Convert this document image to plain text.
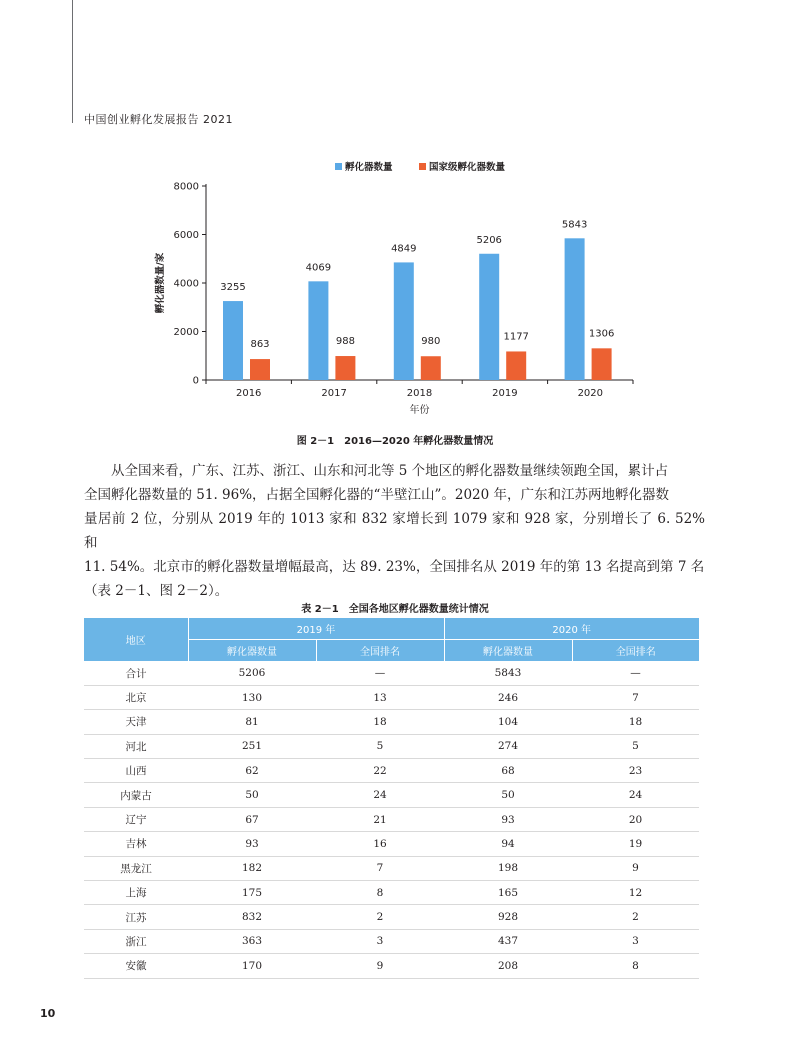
中国创业孵化发展报告 2021
0
2000
4000
6000
8000
2016
3255
863
2017
4069
988
2018
4849
980
2019
5206
1177
2020
5843
1306
年份
孵化器数量/家
孵化器数量	国家级孵化器数量
图 2－1　2016—2020 年孵化器数量情况
从全国来看，广东、江苏、浙江、山东和河北等 5 个地区的孵化器数量继续领跑全国，累计占
全国孵化器数量的 51. 96%，占据全国孵化器的“半壁江山”。2020 年，广东和江苏两地孵化器数
量居前 2 位，分别从 2019 年的 1013 家和 832 家增长到 1079 家和 928 家，分别增长了 6. 52% 和
11. 54%。北京市的孵化器数量增幅最高，达 89. 23%，全国排名从 2019 年的第 13 名提高到第 7 名
（表 2－1、图 2－2）。
表 2－1　全国各地区孵化器数量统计情况
地区	2019 年		2020 年	
	孵化器数量	全国排名	孵化器数量	全国排名
合计	5206	—	5843	—
北京	130	13	246	7
天津	81	18	104	18
河北	251	5	274	5
山西	62	22	68	23
内蒙古	50	24	50	24
辽宁	67	21	93	20
吉林	93	16	94	19
黑龙江	182	7	198	9
上海	175	8	165	12
江苏	832	2	928	2
浙江	363	3	437	3
安徽	170	9	208	8
10
